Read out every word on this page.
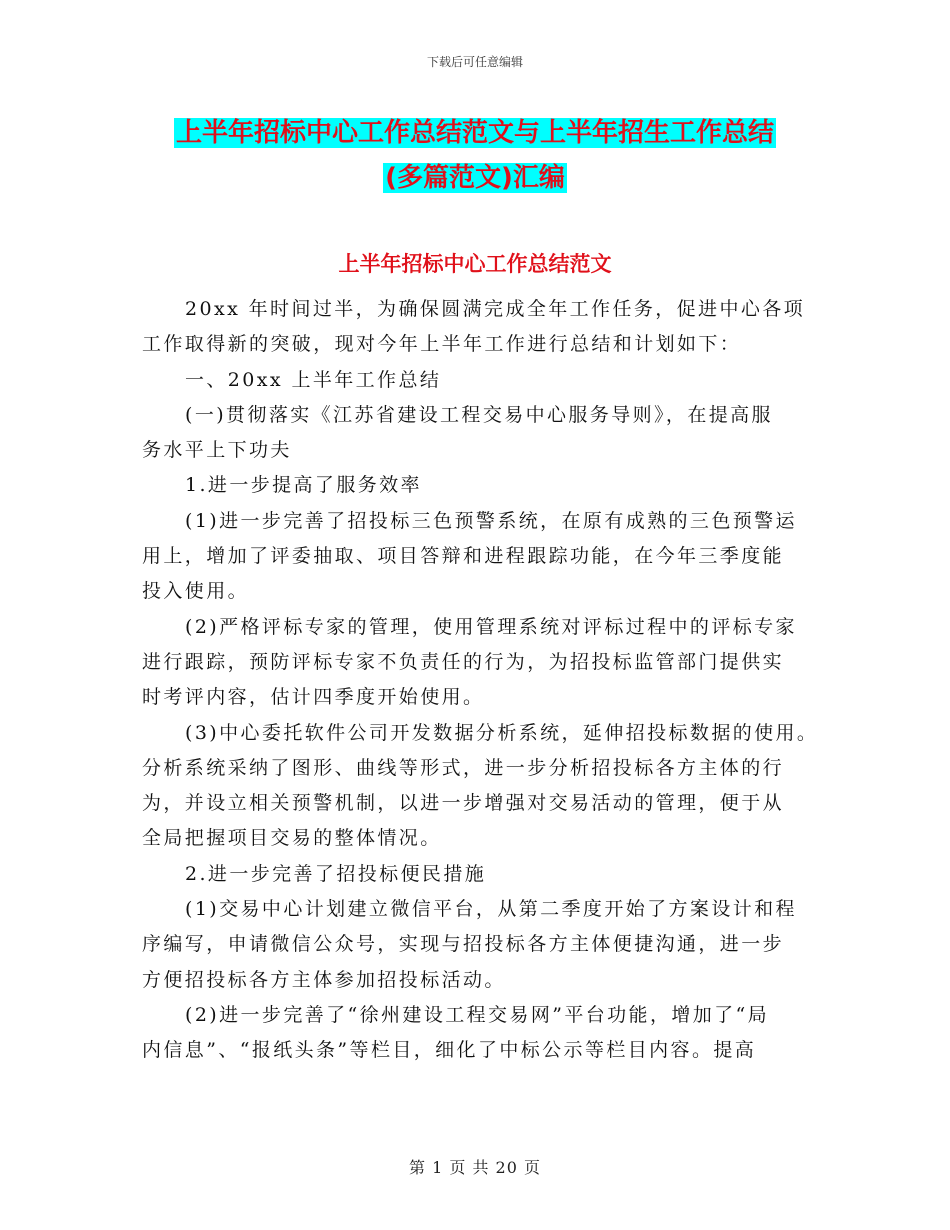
下载后可任意编辑
上半年招标中心工作总结范文与上半年招生工作总结
(多篇范文)汇编
上半年招标中心工作总结范文
20xx 年时间过半，为确保圆满完成全年工作任务，促进中心各项
工作取得新的突破，现对今年上半年工作进行总结和计划如下：
一、20xx 上半年工作总结
(一)贯彻落实《江苏省建设工程交易中心服务导则》，在提高服
务水平上下功夫
1.进一步提高了服务效率
(1)进一步完善了招投标三色预警系统，在原有成熟的三色预警运
用上，增加了评委抽取、项目答辩和进程跟踪功能，在今年三季度能
投入使用。
(2)严格评标专家的管理，使用管理系统对评标过程中的评标专家
进行跟踪，预防评标专家不负责任的行为，为招投标监管部门提供实
时考评内容，估计四季度开始使用。
(3)中心委托软件公司开发数据分析系统，延伸招投标数据的使用。
分析系统采纳了图形、曲线等形式，进一步分析招投标各方主体的行
为，并设立相关预警机制，以进一步增强对交易活动的管理，便于从
全局把握项目交易的整体情况。
2.进一步完善了招投标便民措施
(1)交易中心计划建立微信平台，从第二季度开始了方案设计和程
序编写，申请微信公众号，实现与招投标各方主体便捷沟通，进一步
方便招投标各方主体参加招投标活动。
(2)进一步完善了“徐州建设工程交易网”平台功能，增加了“局
内信息”、“报纸头条”等栏目，细化了中标公示等栏目内容。提高
第 1 页 共 20 页
